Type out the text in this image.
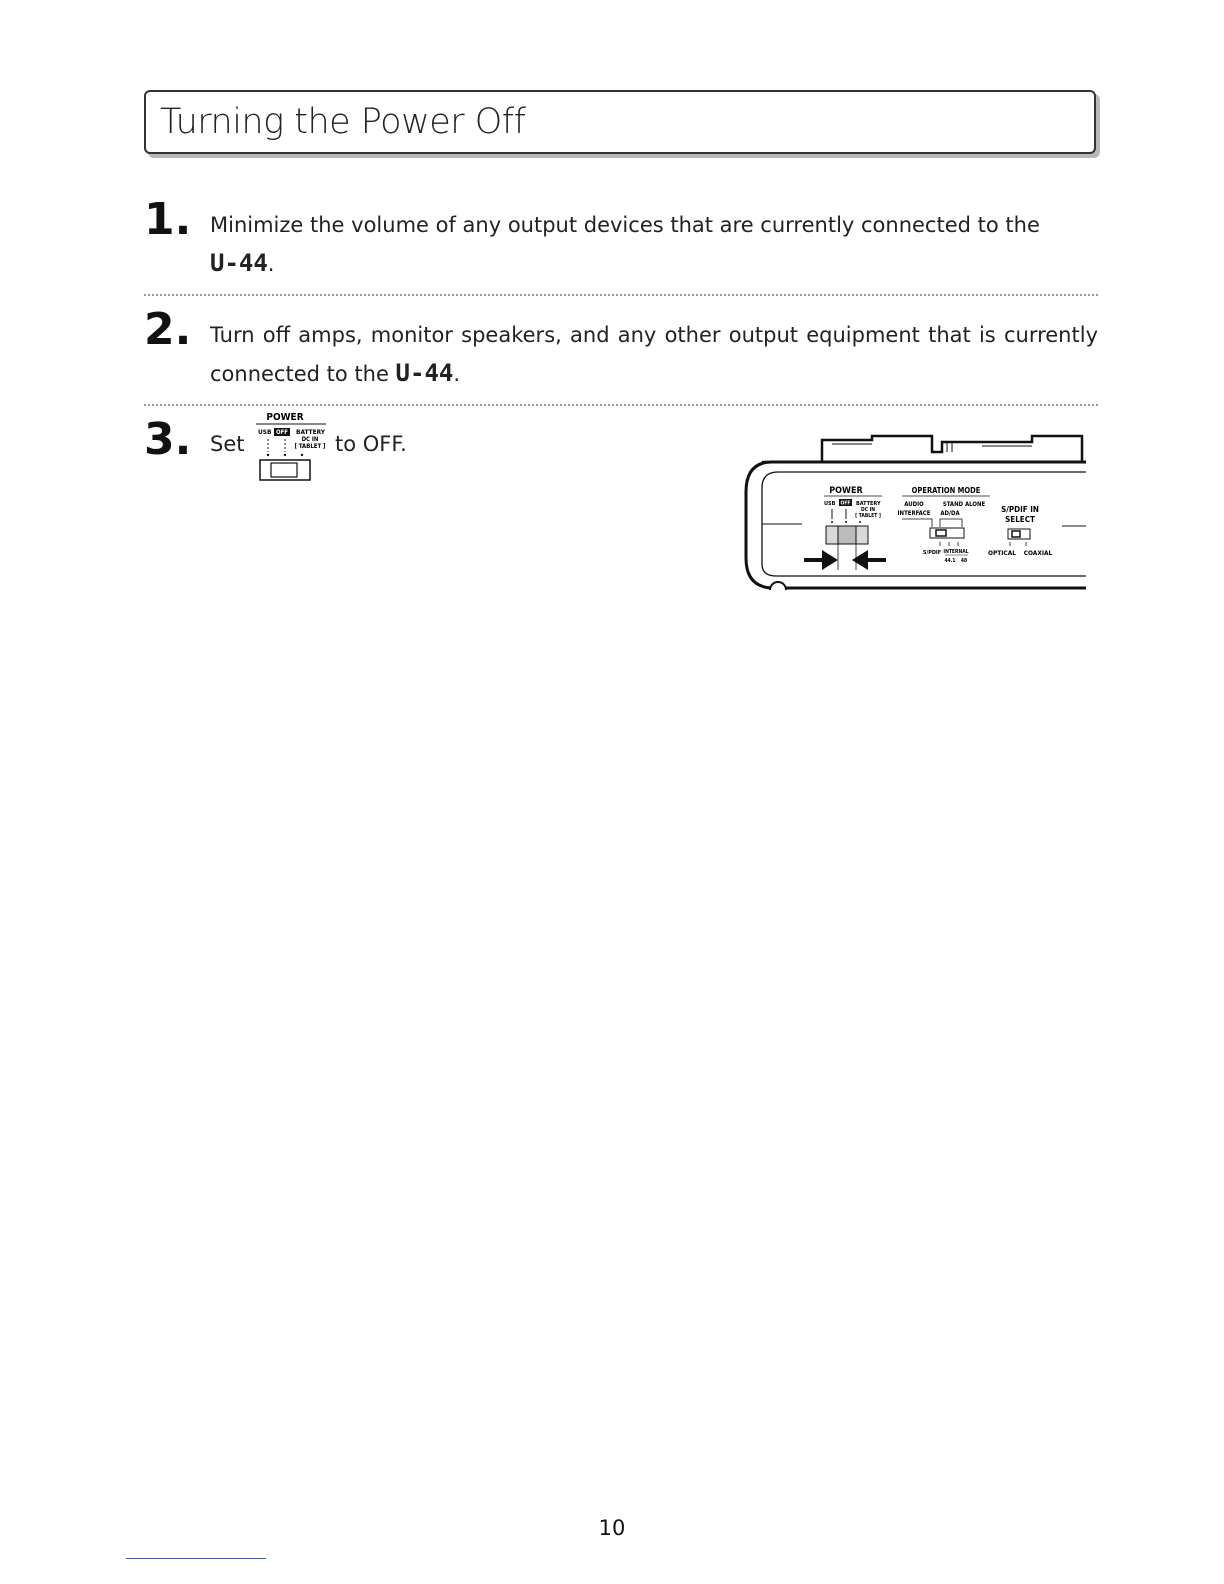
Turning the Power Off
1. Minimize the volume of any output devices that are currently connected to the
U-44.
2. Turn off amps, monitor speakers, and any other output equipment that is currently connected to the U-44.
3. Set
POWER
USB OFF BATTERY
DC IN
[ TABLET ] to OFF.
POWER
USB OFF BATTERY
DC IN
[ TABLET ]
OPERATION MODE
AUDIO
INTERFACE
STAND ALONE
AD/DA
S/PDIF INTERNAL
44.1 48
S/PDIF IN
SELECT
OPTICAL COAXIAL
10
